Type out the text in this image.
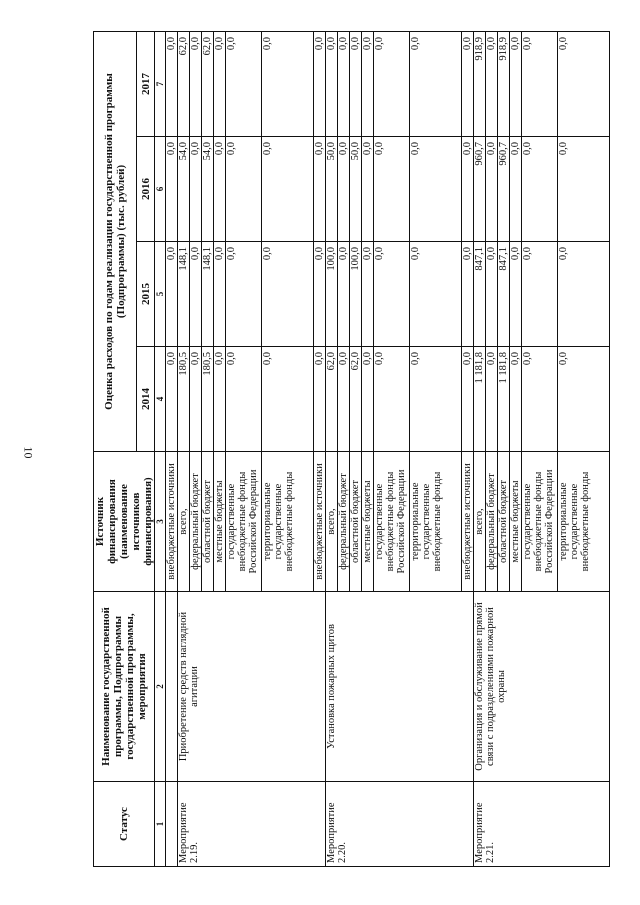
10
Статус	Наименование государственной программы, Подпрограммы государственной программы, мероприятия	Источник финансирования (наименование источников финансирования)	Оценка расходов по годам реализации государственной программы (Подпрограммы) (тыс. рублей)			
			2014	2015	2016	2017
1	2	3	4	5	6	7
		внебюджетные источники	0,0	0,0	0,0	0,0
Мероприятие 2.19.	Приобретение средств наглядной агитации	всего,	180,5	148,1	54,0	62,0
		федеральный бюджет	0,0	0,0	0,0	0,0
		областной бюджет	180,5	148,1	54,0	62,0
		местные бюджеты	0,0	0,0	0,0	0,0
		государственные внебюджетные фонды Российской Федерации	0,0	0,0	0,0	0,0
		территориальные государственные внебюджетные фонды	0,0	0,0	0,0	0,0
		внебюджетные источники	0,0	0,0	0,0	0,0
Мероприятие 2.20.	Установка пожарных щитов	всего,	62,0	100,0	50,0	0,0
		федеральный бюджет	0,0	0,0	0,0	0,0
		областной бюджет	62,0	100,0	50,0	0,0
		местные бюджеты	0,0	0,0	0,0	0,0
		государственные внебюджетные фонды Российской Федерации	0,0	0,0	0,0	0,0
		территориальные государственные внебюджетные фонды	0,0	0,0	0,0	0,0
		внебюджетные источники	0,0	0,0	0,0	0,0
Мероприятие 2.21.	Организация и обслуживание прямой связи с подразделениями пожарной охраны	всего,	1 181,8	847,1	960,7	918,9
		федеральный бюджет	0,0	0,0	0,0	0,0
		областной бюджет	1 181,8	847,1	960,7	918,9
		местные бюджеты	0,0	0,0	0,0	0,0
		государственные внебюджетные фонды Российской Федерации	0,0	0,0	0,0	0,0
		территориальные государственные внебюджетные фонды	0,0	0,0	0,0	0,0
